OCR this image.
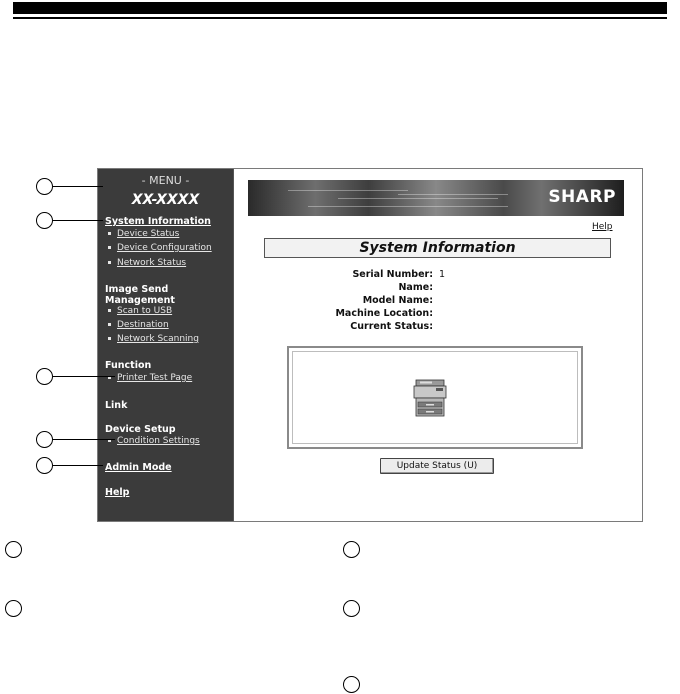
- MENU -
XX-XXXX
System Information
Device Status
Device Configuration
Network Status
Image Send
Management
Scan to USB
Destination
Network Scanning
Function
Printer Test Page
Link
Device Setup
Condition Settings
Admin Mode
Help
SHARP
Help
System Information
Serial Number: 1
Name:
Model Name:
Machine Location:
Current Status:
Update Status (U)
